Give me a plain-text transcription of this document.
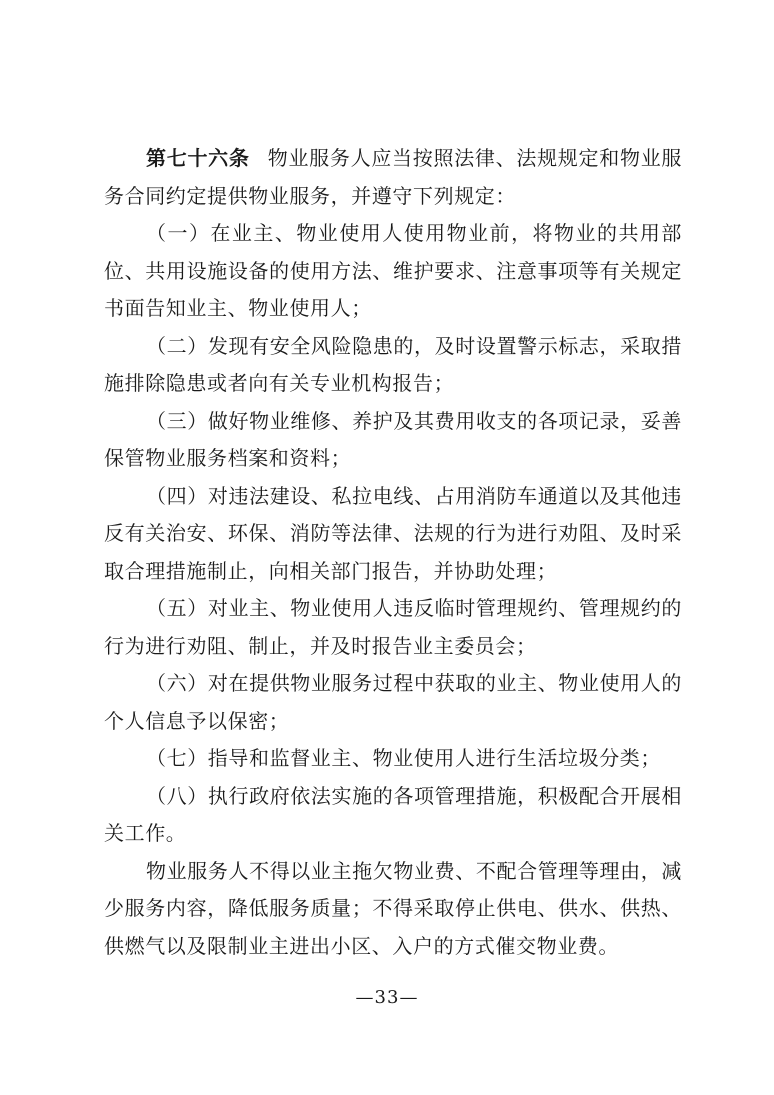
第七十六条 物业服务人应当按照法律、法规规定和物业服务合同约定提供物业服务，并遵守下列规定：

（一）在业主、物业使用人使用物业前，将物业的共用部位、共用设施设备的使用方法、维护要求、注意事项等有关规定书面告知业主、物业使用人；

（二）发现有安全风险隐患的，及时设置警示标志，采取措施排除隐患或者向有关专业机构报告；

（三）做好物业维修、养护及其费用收支的各项记录，妥善保管物业服务档案和资料；

（四）对违法建设、私拉电线、占用消防车通道以及其他违反有关治安、环保、消防等法律、法规的行为进行劝阻、及时采取合理措施制止，向相关部门报告，并协助处理；

（五）对业主、物业使用人违反临时管理规约、管理规约的行为进行劝阻、制止，并及时报告业主委员会；

（六）对在提供物业服务过程中获取的业主、物业使用人的个人信息予以保密；

（七）指导和监督业主、物业使用人进行生活垃圾分类；

（八）执行政府依法实施的各项管理措施，积极配合开展相关工作。

物业服务人不得以业主拖欠物业费、不配合管理等理由，减少服务内容，降低服务质量；不得采取停止供电、供水、供热、供燃气以及限制业主进出小区、入户的方式催交物业费。

—33—
